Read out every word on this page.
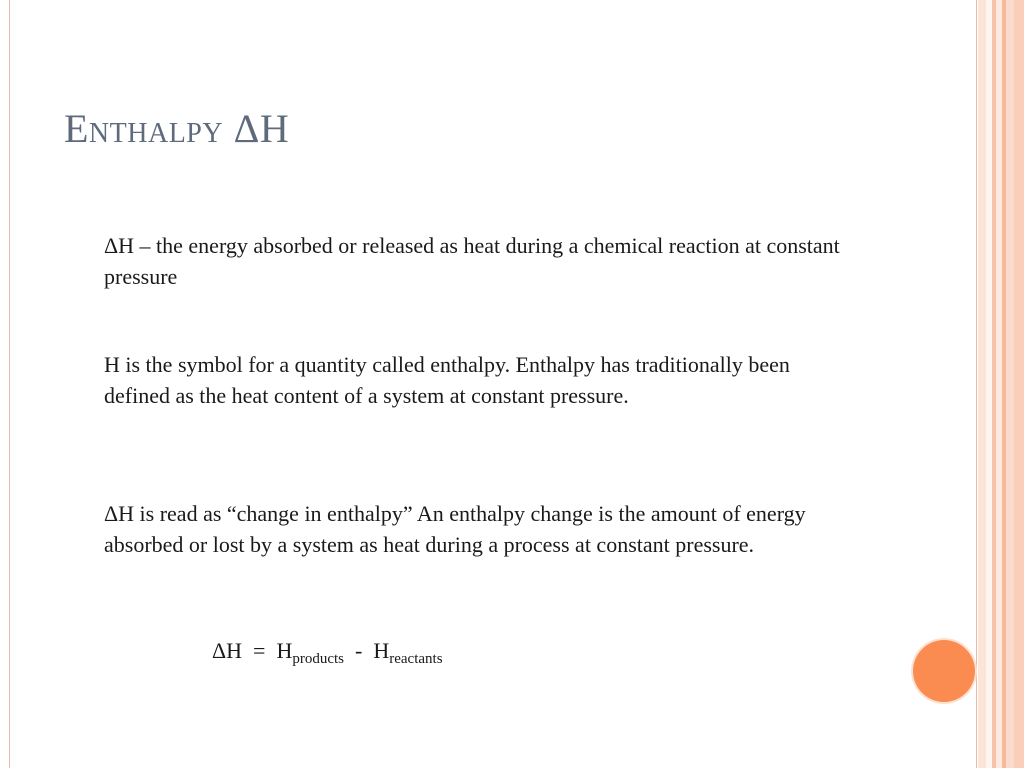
Enthalpy ΔH
ΔH – the energy absorbed or released as heat during a chemical reaction at constant pressure
H is the symbol for a quantity called enthalpy. Enthalpy has traditionally been defined as the heat content of a system at constant pressure.
ΔH is read as “change in enthalpy” An enthalpy change is the amount of energy absorbed or lost by a system as heat during a process at constant pressure.
$\Delta H = H_{products} - H_{reactants}$
